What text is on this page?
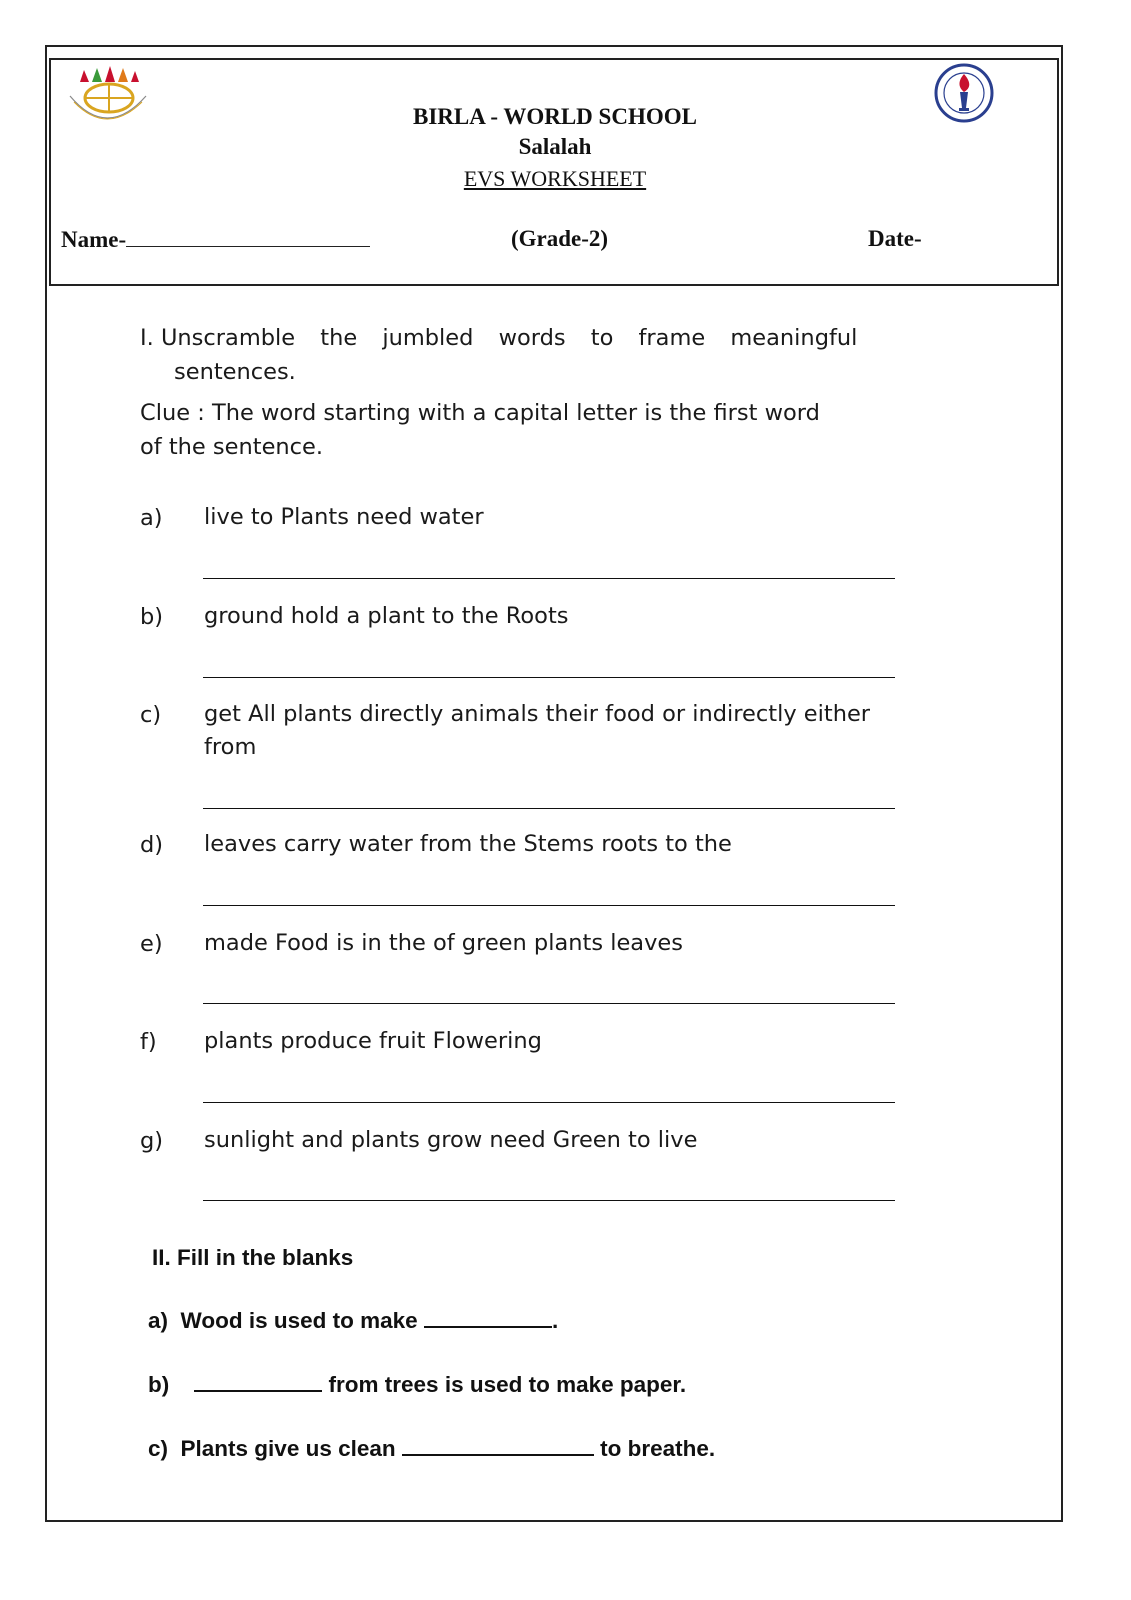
BIRLA - WORLD SCHOOL
Salalah
EVS WORKSHEET
Name-	(Grade-2)	Date-
I. Unscramble the jumbled words to frame meaningful
sentences.
Clue : The word starting with a capital letter is the first word
of the sentence.
a) live to Plants need water
b) ground hold a plant to the Roots
c) get All plants directly animals their food or indirectly either
from
d) leaves carry water from the Stems roots to the
e) made Food is in the of green plants leaves
f) plants produce fruit Flowering
g) sunlight and plants grow need Green to live
II. Fill in the blanks
a) Wood is used to make	.
b)	from trees is used to make paper.
c) Plants give us clean	to breathe.
